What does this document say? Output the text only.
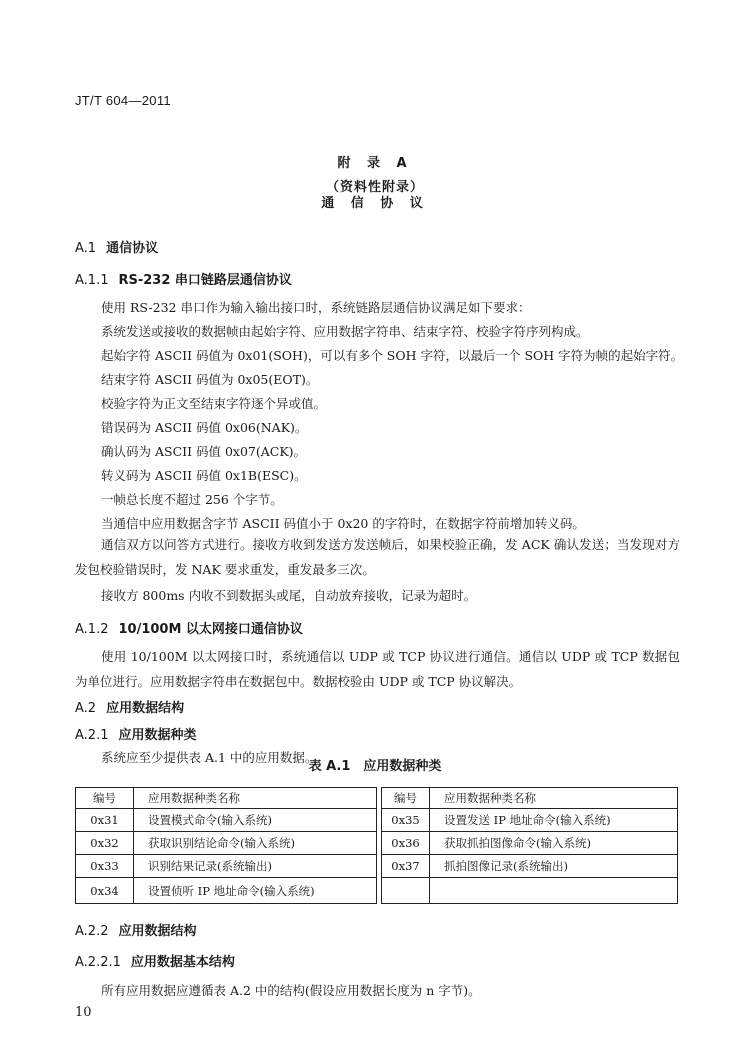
JT/T 604—2011
附 录 A
（资料性附录）
通 信 协 议
A.1 通信协议
A.1.1 RS-232 串口链路层通信协议
使用 RS-232 串口作为输入输出接口时，系统链路层通信协议满足如下要求：
系统发送或接收的数据帧由起始字符、应用数据字符串、结束字符、校验字符序列构成。
起始字符 ASCII 码值为 0x01(SOH)，可以有多个 SOH 字符，以最后一个 SOH 字符为帧的起始字符。
结束字符 ASCII 码值为 0x05(EOT)。
校验字符为正文至结束字符逐个异或值。
错误码为 ASCII 码值 0x06(NAK)。
确认码为 ASCII 码值 0x07(ACK)。
转义码为 ASCII 码值 0x1B(ESC)。
一帧总长度不超过 256 个字节。
当通信中应用数据含字节 ASCII 码值小于 0x20 的字符时，在数据字符前增加转义码。
通信双方以问答方式进行。接收方收到发送方发送帧后，如果校验正确，发 ACK 确认发送；当发现对方发包校验错误时，发 NAK 要求重发，重发最多三次。
接收方 800ms 内收不到数据头或尾，自动放弃接收，记录为超时。
A.1.2 10/100M 以太网接口通信协议
使用 10/100M 以太网接口时，系统通信以 UDP 或 TCP 协议进行通信。通信以 UDP 或 TCP 数据包为单位进行。应用数据字符串在数据包中。数据校验由 UDP 或 TCP 协议解决。
A.2 应用数据结构
A.2.1 应用数据种类
系统应至少提供表 A.1 中的应用数据。
表 A.1　应用数据种类
编号	应用数据种类名称
0x31	设置模式命令(输入系统)
0x32	获取识别结论命令(输入系统)
0x33	识别结果记录(系统输出)
0x34	设置侦听 IP 地址命令(输入系统)
编号	应用数据种类名称
0x35	设置发送 IP 地址命令(输入系统)
0x36	获取抓拍图像命令(输入系统)
0x37	抓拍图像记录(系统输出)

A.2.2 应用数据结构
A.2.2.1 应用数据基本结构
所有应用数据应遵循表 A.2 中的结构(假设应用数据长度为 n 字节)。
10
